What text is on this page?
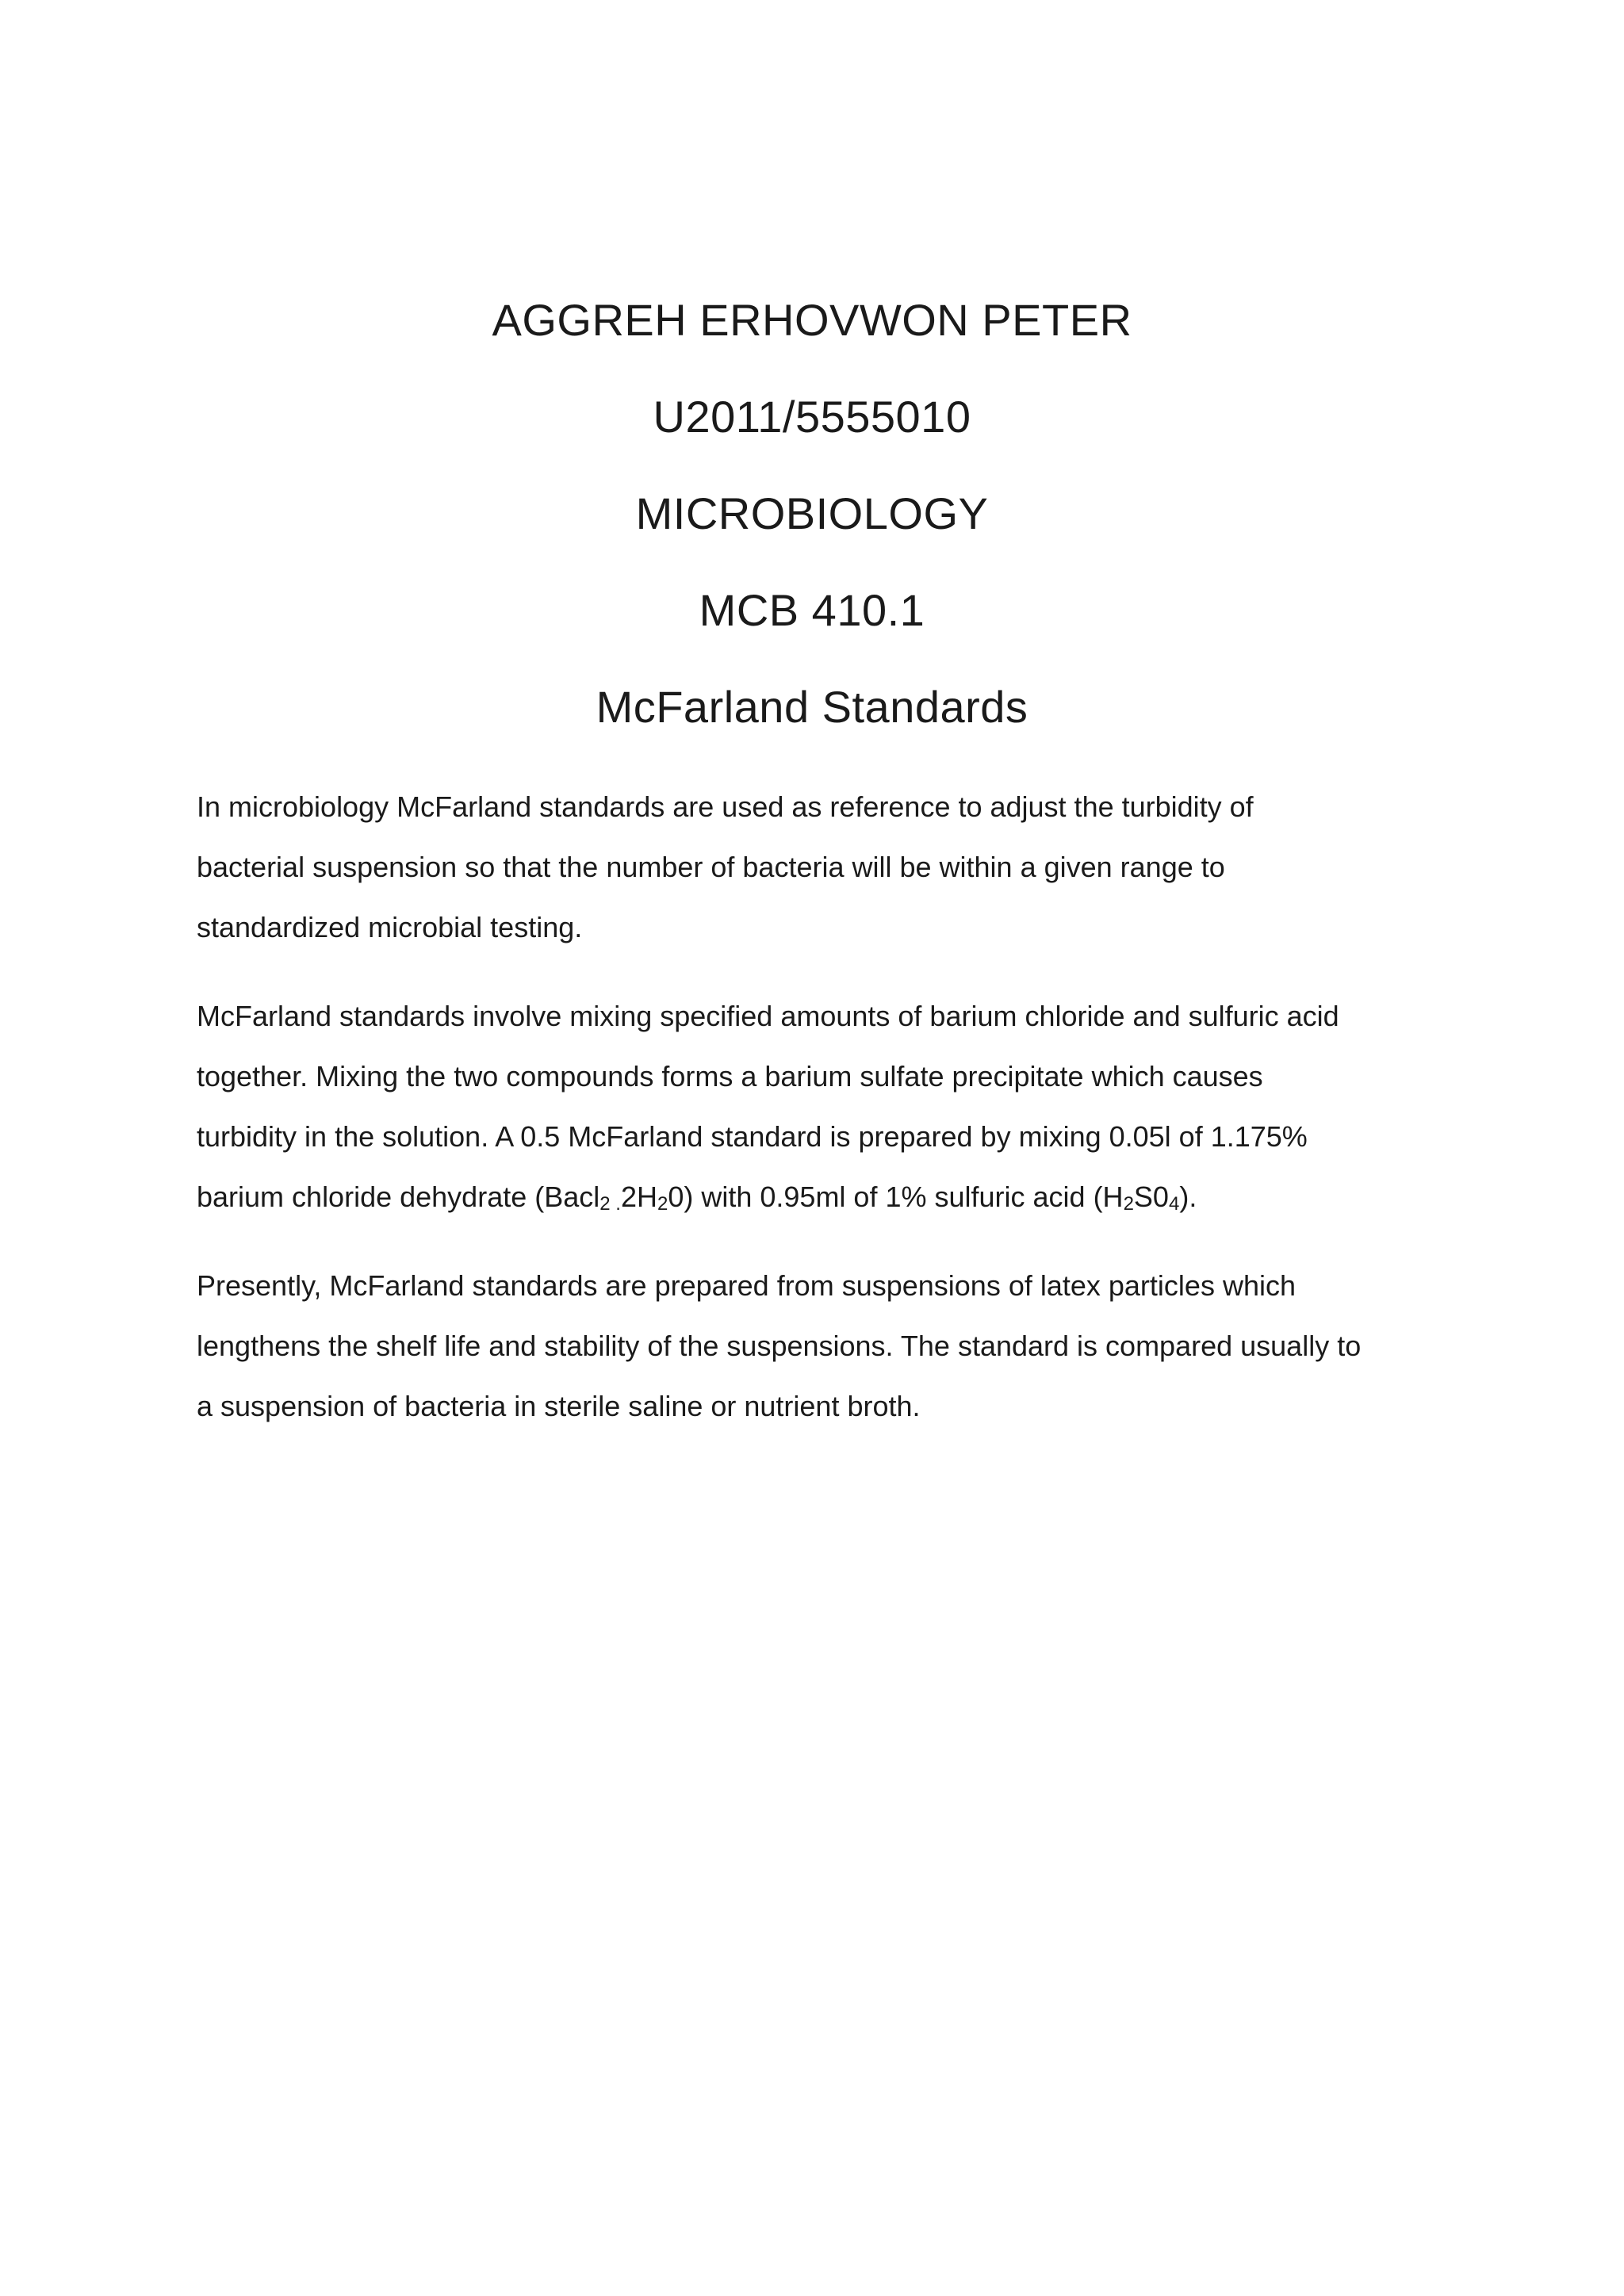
AGGREH ERHOVWON PETER
U2011/5555010
MICROBIOLOGY
MCB 410.1
McFarland Standards
In microbiology McFarland standards are used as reference to adjust the turbidity of
bacterial suspension so that the number of bacteria will be within a given range to
standardized microbial testing.
McFarland standards involve mixing specified amounts of barium chloride and sulfuric acid
together. Mixing the two compounds forms a barium sulfate precipitate which causes
turbidity in the solution. A 0.5 McFarland standard is prepared by mixing 0.05l of 1.175%
barium chloride dehydrate $(Bacl_{2 .}2H_20)$ with 0.95ml of 1% sulfuric acid $(H_2S0_4)$.
Presently, McFarland standards are prepared from suspensions of latex particles which
lengthens the shelf life and stability of the suspensions. The standard is compared usually to
a suspension of bacteria in sterile saline or nutrient broth.
